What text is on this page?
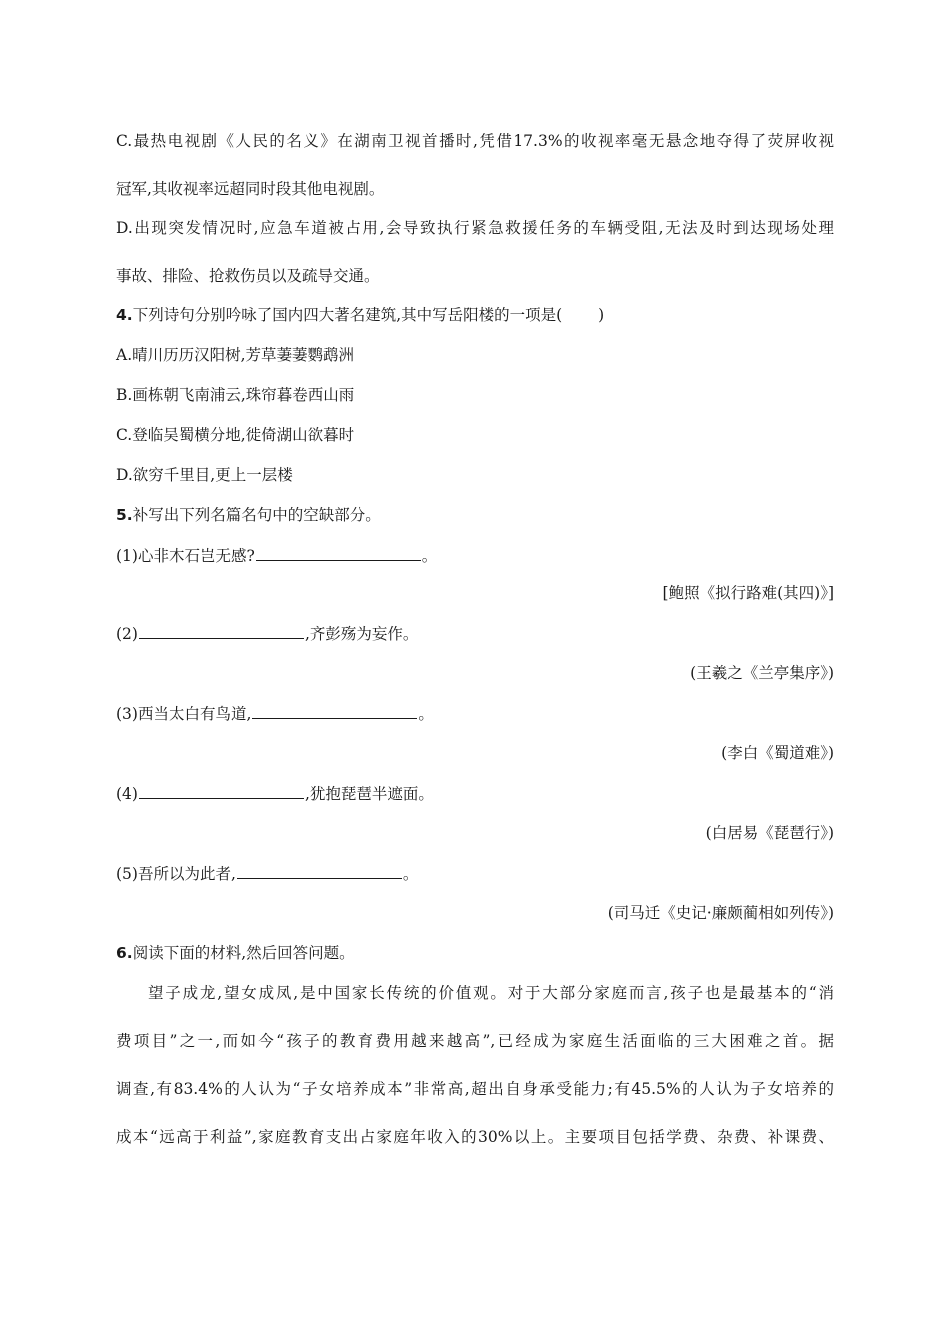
C.最热电视剧《人民的名义》在湖南卫视首播时,凭借17.3%的收视率毫无悬念地夺得了荧屏收视
冠军,其收视率远超同时段其他电视剧。
D.出现突发情况时,应急车道被占用,会导致执行紧急救援任务的车辆受阻,无法及时到达现场处理
事故、排险、抢救伤员以及疏导交通。
4.下列诗句分别吟咏了国内四大著名建筑,其中写岳阳楼的一项是( )
A.晴川历历汉阳树,芳草萋萋鹦鹉洲
B.画栋朝飞南浦云,珠帘暮卷西山雨
C.登临吴蜀横分地,徙倚湖山欲暮时
D.欲穷千里目,更上一层楼
5.补写出下列名篇名句中的空缺部分。
(1)心非木石岂无感?	。
[鲍照《拟行路难(其四)》]
(2)	,齐彭殇为妄作。
(王羲之《兰亭集序》)
(3)西当太白有鸟道,	。
(李白《蜀道难》)
(4)	,犹抱琵琶半遮面。
(白居易《琵琶行》)
(5)吾所以为此者,	。
(司马迁《史记·廉颇蔺相如列传》)
6.阅读下面的材料,然后回答问题。
望子成龙,望女成凤,是中国家长传统的价值观。对于大部分家庭而言,孩子也是最基本的“消
费项目”之一,而如今“孩子的教育费用越来越高”,已经成为家庭生活面临的三大困难之首。据
调查,有83.4%的人认为“子女培养成本”非常高,超出自身承受能力;有45.5%的人认为子女培养的
成本“远高于利益”,家庭教育支出占家庭年收入的30%以上。主要项目包括学费、杂费、补课费、
